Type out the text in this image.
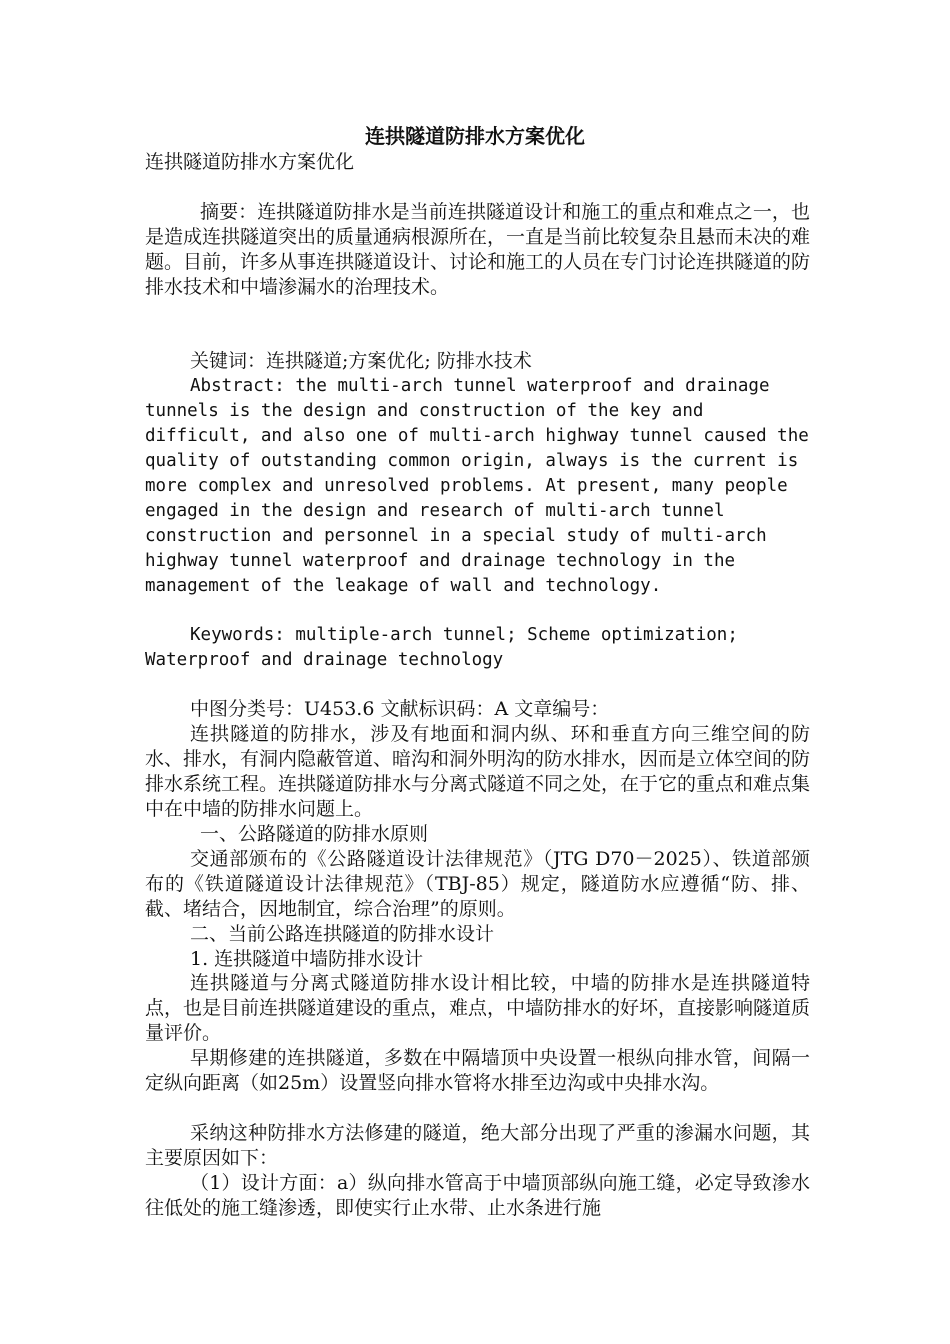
连拱隧道防排水方案优化

连拱隧道防排水方案优化

摘要：连拱隧道防排水是当前连拱隧道设计和施工的重点和难点之一，也是造成连拱隧道突出的质量通病根源所在，一直是当前比较复杂且悬而未决的难题。目前，许多从事连拱隧道设计、讨论和施工的人员在专门讨论连拱隧道的防排水技术和中墙渗漏水的治理技术。

关键词：连拱隧道;方案优化; 防排水技术

Abstract: the multi-arch tunnel waterproof and drainage tunnels is the design and construction of the key and difficult, and also one of multi-arch highway tunnel caused the quality of outstanding common origin, always is the current is more complex and unresolved problems. At present, many people engaged in the design and research of multi-arch tunnel construction and personnel in a special study of multi-arch highway tunnel waterproof and drainage technology in the management of the leakage of wall and technology.

Keywords: multiple-arch tunnel; Scheme optimization; Waterproof and drainage technology

中图分类号：U453.6 文献标识码：A 文章编号：

连拱隧道的防排水，涉及有地面和洞内纵、环和垂直方向三维空间的防水、排水，有洞内隐蔽管道、暗沟和洞外明沟的防水排水，因而是立体空间的防排水系统工程。连拱隧道防排水与分离式隧道不同之处，在于它的重点和难点集中在中墙的防排水问题上。

一、公路隧道的防排水原则

交通部颁布的《公路隧道设计法律规范》（JTG D70－2025）、铁道部颁布的《铁道隧道设计法律规范》（TBJ-85）规定，隧道防水应遵循“防、排、截、堵结合，因地制宜，综合治理”的原则。

二、当前公路连拱隧道的防排水设计

1. 连拱隧道中墙防排水设计

连拱隧道与分离式隧道防排水设计相比较，中墙的防排水是连拱隧道特点，也是目前连拱隧道建设的重点，难点，中墙防排水的好坏，直接影响隧道质量评价。

早期修建的连拱隧道，多数在中隔墙顶中央设置一根纵向排水管，间隔一定纵向距离（如25m）设置竖向排水管将水排至边沟或中央排水沟。

采纳这种防排水方法修建的隧道，绝大部分出现了严重的渗漏水问题，其主要原因如下：

（1）设计方面：a）纵向排水管高于中墙顶部纵向施工缝，必定导致渗水往低处的施工缝渗透，即使实行止水带、止水条进行施
